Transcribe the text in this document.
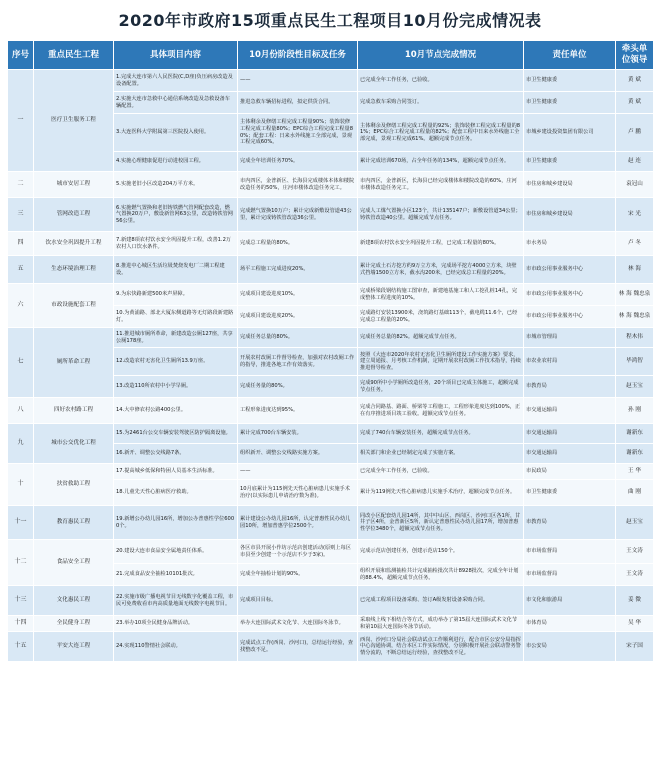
2020年市政府15项重点民生工程项目10月份完成情况表
序号	重点民生工程	具体项目内容	10月份阶段性目标及任务	10月节点完成情况	责任单位	牵头单位领导
一	医疗卫生服务工程	1.完成大连市第六人民医院(C,D座)负压病房改造及设备配置。	——	已完成全年工作任务，已验收。	市卫生健康委	黄 斌
		2.实施大连市急救中心通信系统改造及急救设备车辆配置。	推进急救车辆招标进程，拟定供货合同。	完成急救车采购合同签订。	市卫生健康委	黄 斌
		3.大连医科大学附属第三医院投入使用。	主体剩余及修缮工程完成工程量90%；装饰装修工程完成工程量80%；EPC综合工程完成工程量80%；配套工程：日来水外线施工全部完成，景观工程完成60%。	主体剩余及修缮工程完成工程量的92%；装饰装修工程完成工程量的81%；EPC综合工程完成工程量的82%；配套工程中日来水外线施工全部完成，景观工程完成61%。超额完成节点任务。	市城乡建设投资集团有限公司	卢 鹏
		4.实施心理健康促进行动进校园工程。	完成全年培训任务70%。	累计完成培训670场，占全年任务的134%，超额完成节点任务。	市卫生健康委	赵 连
二	城市安居工程	5.实施老旧小区改造204万平方米。	市内四区，金普新区、长海县完成楼体本体和楼院改造任务的50%，庄河市楼体改造任务完工。	市内四区，金普新区，长海县已经完成楼体和楼院改造的60%，庄河市楼体改造任务完工。	市住房和城乡建设局	袁冠山
三	管网改造工程	6.实施燃气置换和老旧铸铁燃气管网配套改造，燃气置换20万户，敷设新管网63公里，改造铸铁管网56公里。	完成燃气置换10万户；累计完成新敷设管道43公里，累计完成铸铁管改造36公里。	完成人工煤气置换小区123个，共计135147户；新敷设管道34公里；铸铁管改造40公里。超额完成节点任务。	市住房和城乡建设局	宋 光
四	饮水安全巩固提升工程	7.新建8项农村饮水安全巩固提升工程，改善1.2万农村人口饮水条件。	完成总工程量的80%。	新建8项农村饮水安全巩固提升工程，已完成工程量的80%。	市水务局	卢 冬
五	生态环境治理工程	8.推进中心城区生活垃圾焚烧发电厂二期工程建设。	场平工程施工完成进度20%。	累计完成土石方挖方约9万立方米，完成场平挖方4000立方米，块壁式挡墙1500立方米，截水沟200米，已经完成总工程量的20%。	市市政公用事业服务中心	林 海
六	市政设施配套工程	9.为东快路新建500米声屏障。	完成项目建设进度10%。	完成桥梁段钢结构施工图审查，新建地基施工和人工挖孔桩14孔，完成整体工程进度的10%。	市市政公用事业服务中心	林 海 魏忠泉
		10.为黄浦路、部北大厦东侧道路等无灯路段新建路灯。	完成项目建设进度20%。	完成路灯安装13900米，浇筑路灯基础113个，截电缆11.6个，已经完成总工程量的20%。	市市政公用事业服务中心	林 海 魏忠泉
七	厕所革命工程	11.推进城市厕所革命，新建改造公厕127座，共享公厕178座。	完成任务总量的80%。	完成任务总量的82%。超额完成节点任务。	市城市管理局	程木伟
		12.改造农村无害化卫生厕所13.9万座。	开展农村改厕工作督导检查，加强对农村改厕工作的指导，推进各地工作有效落实。	按照《大连市2020年农村无害化卫生厕所建设工作实施方案》要求，建立周通报、月考核工作机制，定期开展农村改厕工作技术指导，持续推进督导检查。	市农业农村局	毕鸿智
		13.改造110所农村中小学旱厕。	完成任务量的80%。	完成90所中小学厕所改造任务，20个项目已完成主体施工，超额完成节点任务。	市教育局	赵玉宝
八	四好农村路工程	14.大中修农村公路400公里。	工程形象进度达到95%。	完成合同路基、路面、桥梁等工程施工，工程形象进度达到100%，正在有序推进项目竣工验收。超额完成节点任务。	市交通运输局	孙 刚
九	城市公交优化工程	15.为2461台公交车辆安装驾驶区防护隔离设施。	累计完成700台车辆安装。	完成了740台车辆安装任务，超额完成节点任务。	市交通运输局	谢新东
		16.新开、调整公交线路7条。	组织新开、调整公交线路实施方案。	相关部门和企业已经制定完成了实施方案。	市交通运输局	谢新东
十	扶贫救助工程	17.提高城乡低保和特困人员基本生活标准。	——	已完成全年工作任务，已验收。	市民政局	王 华
		18.儿童先天性心脏病医疗救助。	10月底累计为115例先天性心脏病患儿实施手术治疗(以实际患儿申请治疗数为准)。	累计为119例先天性心脏病患儿实施手术治疗，超额完成节点任务。	市卫生健康委	曲 刚
十一	教育惠民工程	19.新增公办幼儿园16所，增加公办普惠性学位6000个。	累计建设公办幼儿园16所，认定普惠性民办幼儿园10所，增加普惠学位2500个。	同改小区配套幼儿园14所，其中中山区、西岗区、沙河口区各1所，甘井子区4所，金普新区5所，新认定普惠性民办幼儿园17所，增加普惠性学位3480个，超额完成节点任务。	市教育局	赵玉宝
十二	食品安全工程	20.建设大连市食品安全属地责任体系。	各区市县开展小作坊示范店创建活动(原则上每区市县至少创建一个示范店不少于3家)。	完成示范店创建任务，创建示范店150个。	市市场监督局	王文涛
		21.完成食品安全抽检10101批次。	完成全年抽检计划的90%。	组织开展和监测抽检共计完成抽检批次共计8928批次，完成全年计划的88.4%，超额完成节点任务。	市市场监督局	王文涛
十三	文化惠民工程	22.实施市级广播电视节目无线数字化覆盖工程，市民可免费收看市内高质量地面无线数字电视节目。	完成项目目标。	已完成工程项目设备采购、签订A级发射设备采购合同。	市文化和旅游局	姜 微
十四	全民健身工程	23.举办10项全民健身品牌活动。	举办大连国际武术文化节、大连国际冬泳节。	采取线上线下相结合等方式，成功举办了第15届大连国际武术文化节和第10届大连国际冬泳节活动。	市体育局	吴 华
十五	平安大连工程	24.实现110警情社会联动。	完成试点工作(西岗、沙河口)，总结运行经验，查找整改不足。	西岗、沙河口分局社会联动试点工作顺利进行，配合市区公安分局指挥中心沟通协调，结合本区工作实际情况，分别积极开展社会联动警务警情分流的，不断总结运行经验，查找整改不足。	市公安局	宋子国
